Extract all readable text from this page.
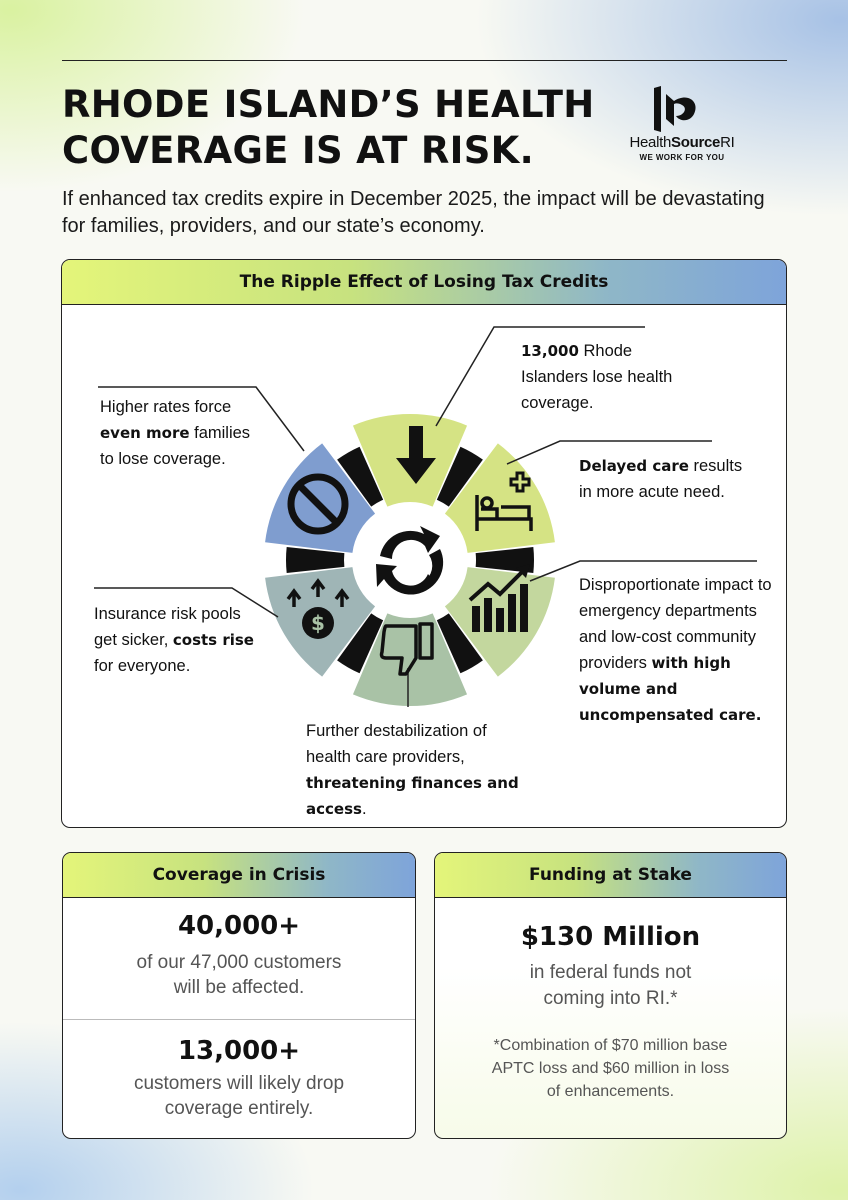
RHODE ISLAND’S HEALTH
COVERAGE IS AT RISK.	HealthSourceRI
WE WORK FOR YOU

If enhanced tax credits expire in December 2025, the impact will be devastating for families, providers, and our state’s economy.

The Ripple Effect of Losing Tax Credits
$
13,000 Rhode Islanders lose health coverage.
Delayed care results in more acute need.
Disproportionate impact to emergency departments and low-cost community providers with high volume and uncompensated care.
Further destabilization of health care providers, threatening finances and access.
Insurance risk pools get sicker, costs rise for everyone.
Higher rates force even more families to lose coverage.
Coverage in Crisis
40,000+
of our 47,000 customers
will be affected.
13,000+
customers will likely drop
coverage entirely.
Funding at Stake
$130 Million
in federal funds not
coming into RI.*
*Combination of $70 million base
APTC loss and $60 million in loss
of enhancements.
